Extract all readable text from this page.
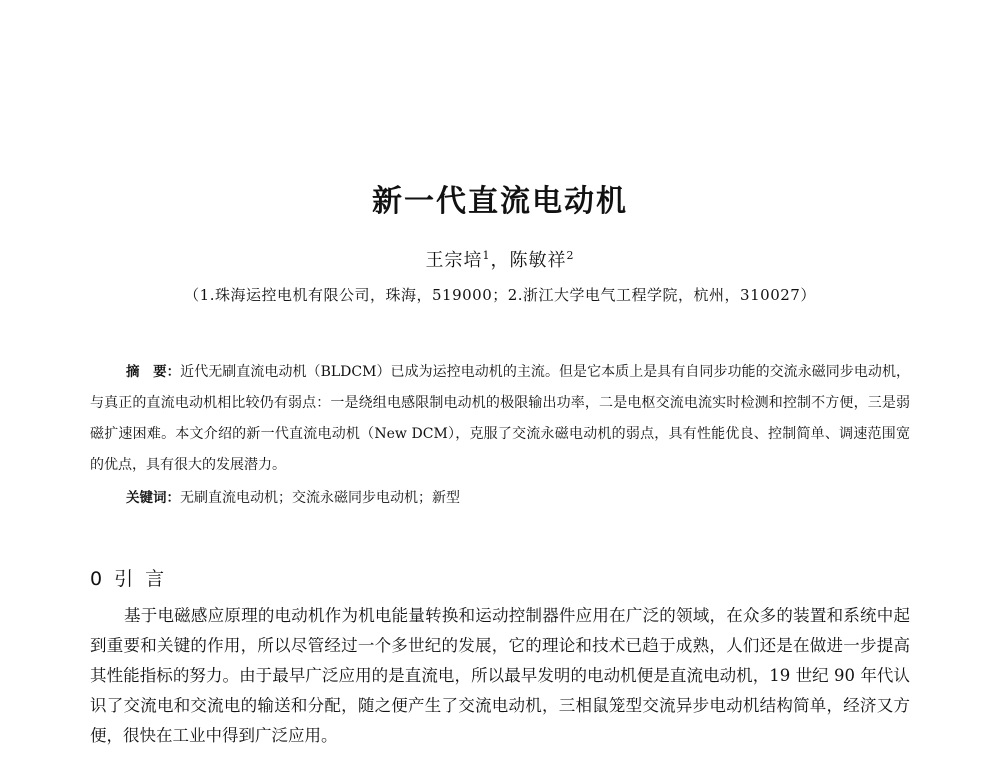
新一代直流电动机
王宗培$^1$，陈敏祥$^2$
（1.珠海运控电机有限公司，珠海，519000；2.浙江大学电气工程学院，杭州，310027）
摘　要：近代无刷直流电动机（BLDCM）已成为运控电动机的主流。但是它本质上是具有自同步功能的交流永磁同步电动机，与真正的直流电动机相比较仍有弱点：一是绕组电感限制电动机的极限输出功率，二是电枢交流电流实时检测和控制不方便，三是弱磁扩速困难。本文介绍的新一代直流电动机（New DCM），克服了交流永磁电动机的弱点，具有性能优良、控制简单、调速范围宽的优点，具有很大的发展潜力。
关键词：无刷直流电动机；交流永磁同步电动机；新型
0 引 言
基于电磁感应原理的电动机作为机电能量转换和运动控制器件应用在广泛的领域，在众多的装置和系统中起到重要和关键的作用，所以尽管经过一个多世纪的发展，它的理论和技术已趋于成熟，人们还是在做进一步提高其性能指标的努力。由于最早广泛应用的是直流电，所以最早发明的电动机便是直流电动机，19 世纪 90 年代认识了交流电和交流电的输送和分配，随之便产生了交流电动机，三相鼠笼型交流异步电动机结构简单，经济又方便，很快在工业中得到广泛应用。
